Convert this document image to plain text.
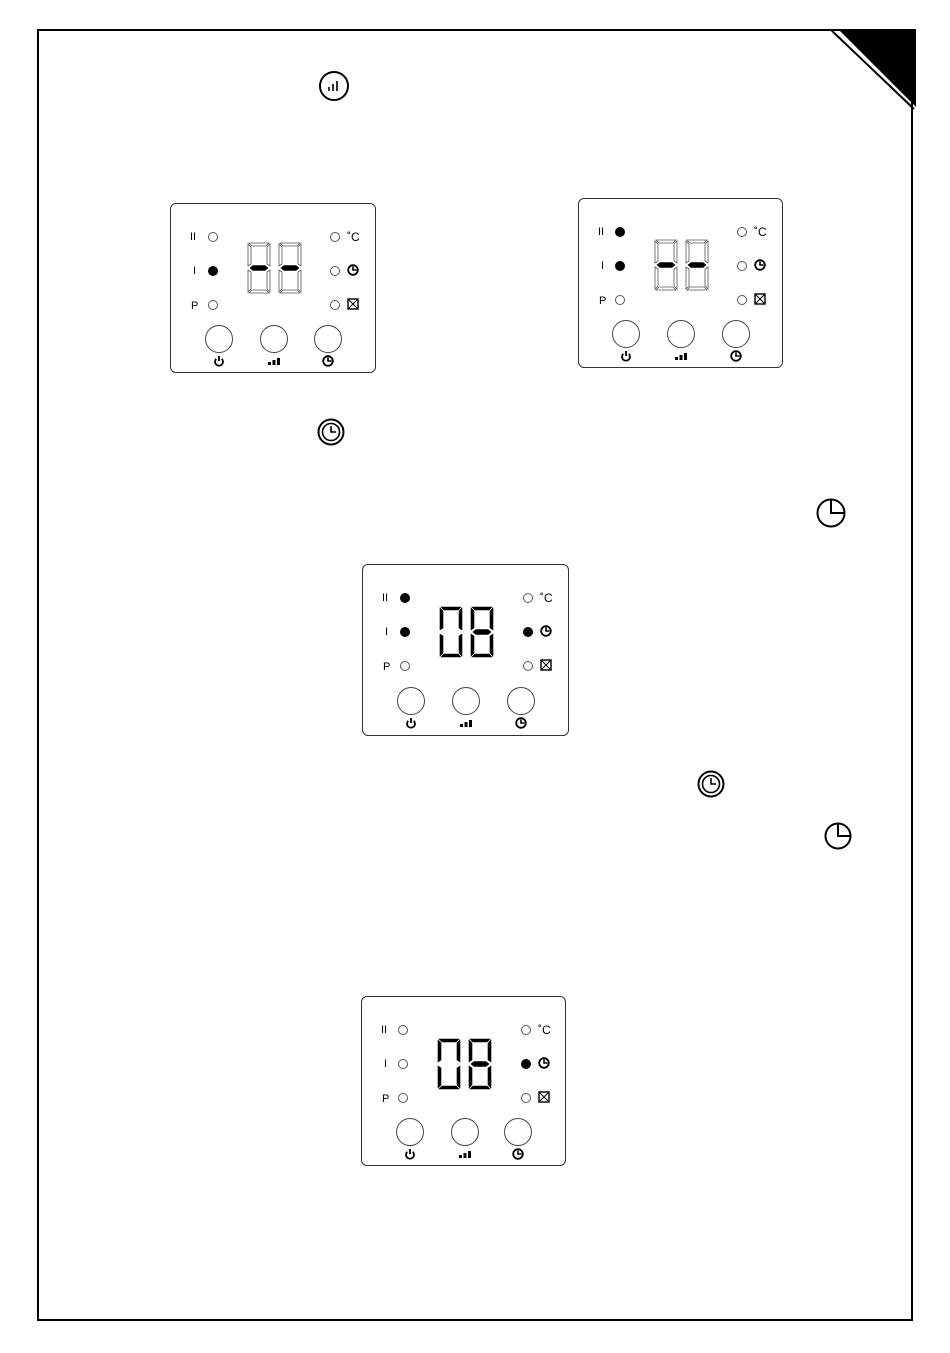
II
I
P
˚C	II
I
P
˚C
II
I
P
˚C
II
I
P
˚C
